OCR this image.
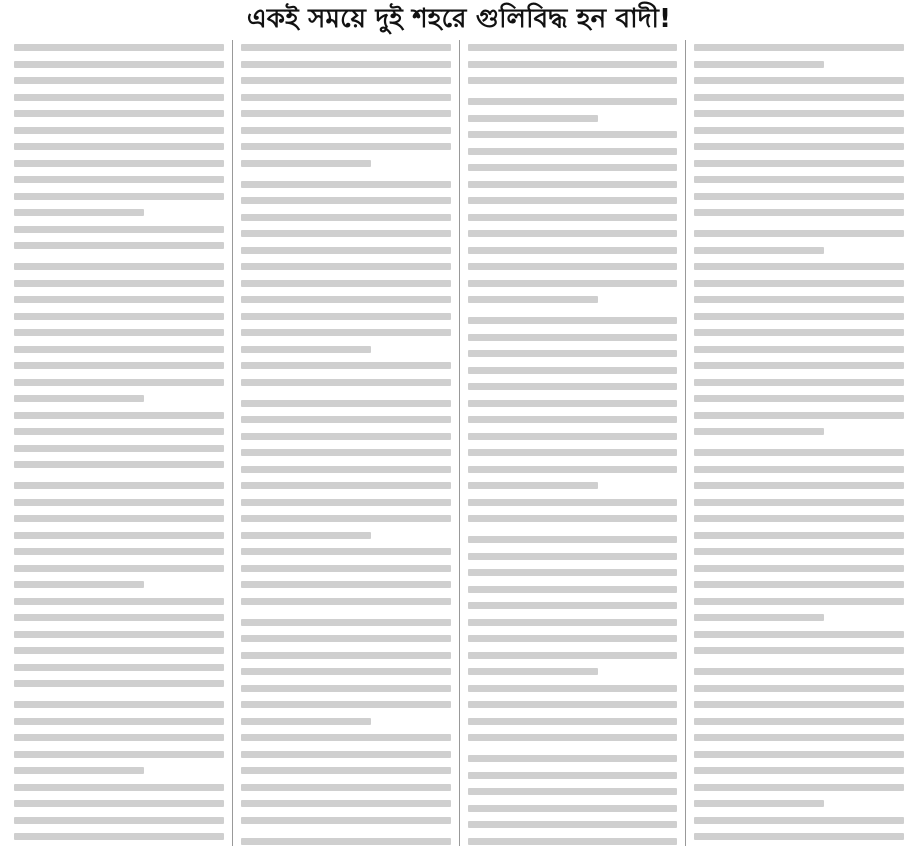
একই সময়ে দুই শহরে গুলিবিদ্ধ হন বাদী!
